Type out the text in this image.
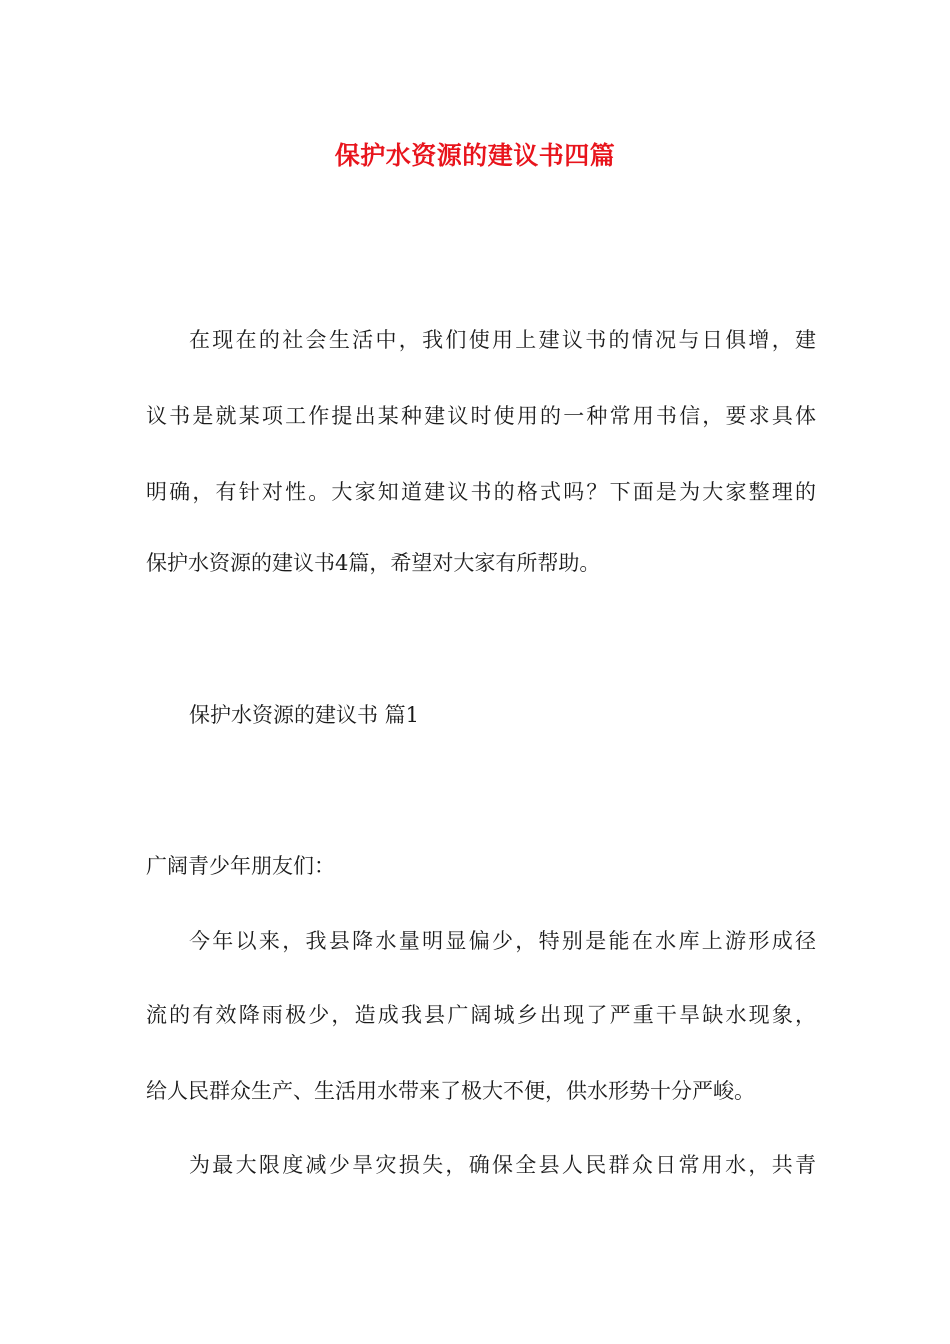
保护水资源的建议书四篇

在现在的社会生活中，我们使用上建议书的情况与日俱增，建

议书是就某项工作提出某种建议时使用的一种常用书信，要求具体

明确，有针对性。大家知道建议书的格式吗？下面是为大家整理的

保护水资源的建议书4篇，希望对大家有所帮助。

保护水资源的建议书 篇1

广阔青少年朋友们：

今年以来，我县降水量明显偏少，特别是能在水库上游形成径

流的有效降雨极少，造成我县广阔城乡出现了严重干旱缺水现象，

给人民群众生产、生活用水带来了极大不便，供水形势十分严峻。

为最大限度减少旱灾损失，确保全县人民群众日常用水，共青
